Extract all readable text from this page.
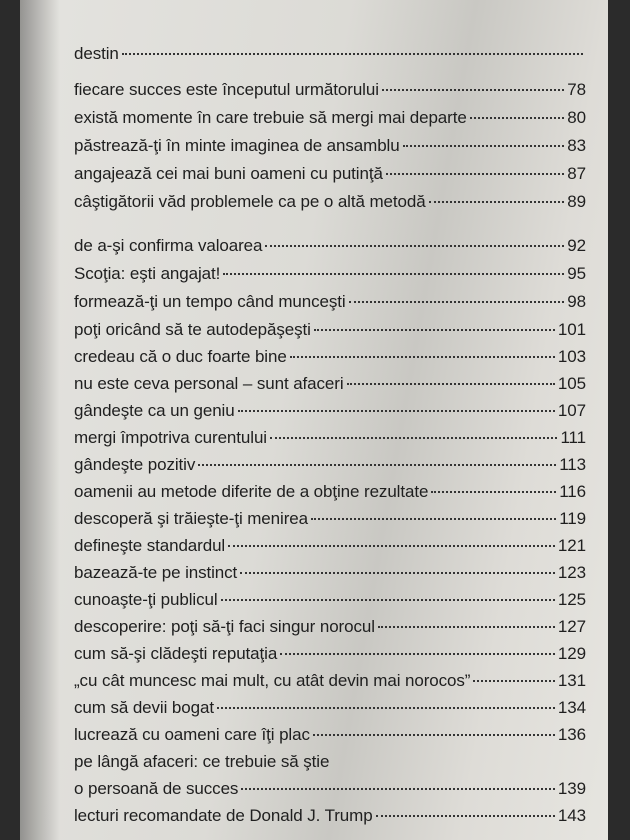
destin
fiecare succes este începutul următorului	78
există momente în care trebuie să mergi mai departe	80
păstrează-ţi în minte imaginea de ansamblu	83
angajează cei mai buni oameni cu putinţă	87
câştigătorii văd problemele ca pe o altă metodă	89
de a-şi confirma valoarea	92
Scoţia: eşti angajat!	95
formează-ţi un tempo când munceşti	98
poţi oricând să te autodepăşeşti	101
credeau că o duc foarte bine	103
nu este ceva personal – sunt afaceri	105
gândeşte ca un geniu	107
mergi împotriva curentului	111
gândeşte pozitiv	113
oamenii au metode diferite de a obţine rezultate	116
descoperă şi trăieşte-ţi menirea	119
defineşte standardul	121
bazează-te pe instinct	123
cunoaşte-ţi publicul	125
descoperire: poţi să-ţi faci singur norocul	127
cum să-şi clădeşti reputaţia	129
„cu cât muncesc mai mult, cu atât devin mai norocos”	131
cum să devii bogat	134
lucrează cu oameni care îţi plac	136
pe lângă afaceri: ce trebuie să ştie
o persoană de succes	139
lecturi recomandate de Donald J. Trump	143
